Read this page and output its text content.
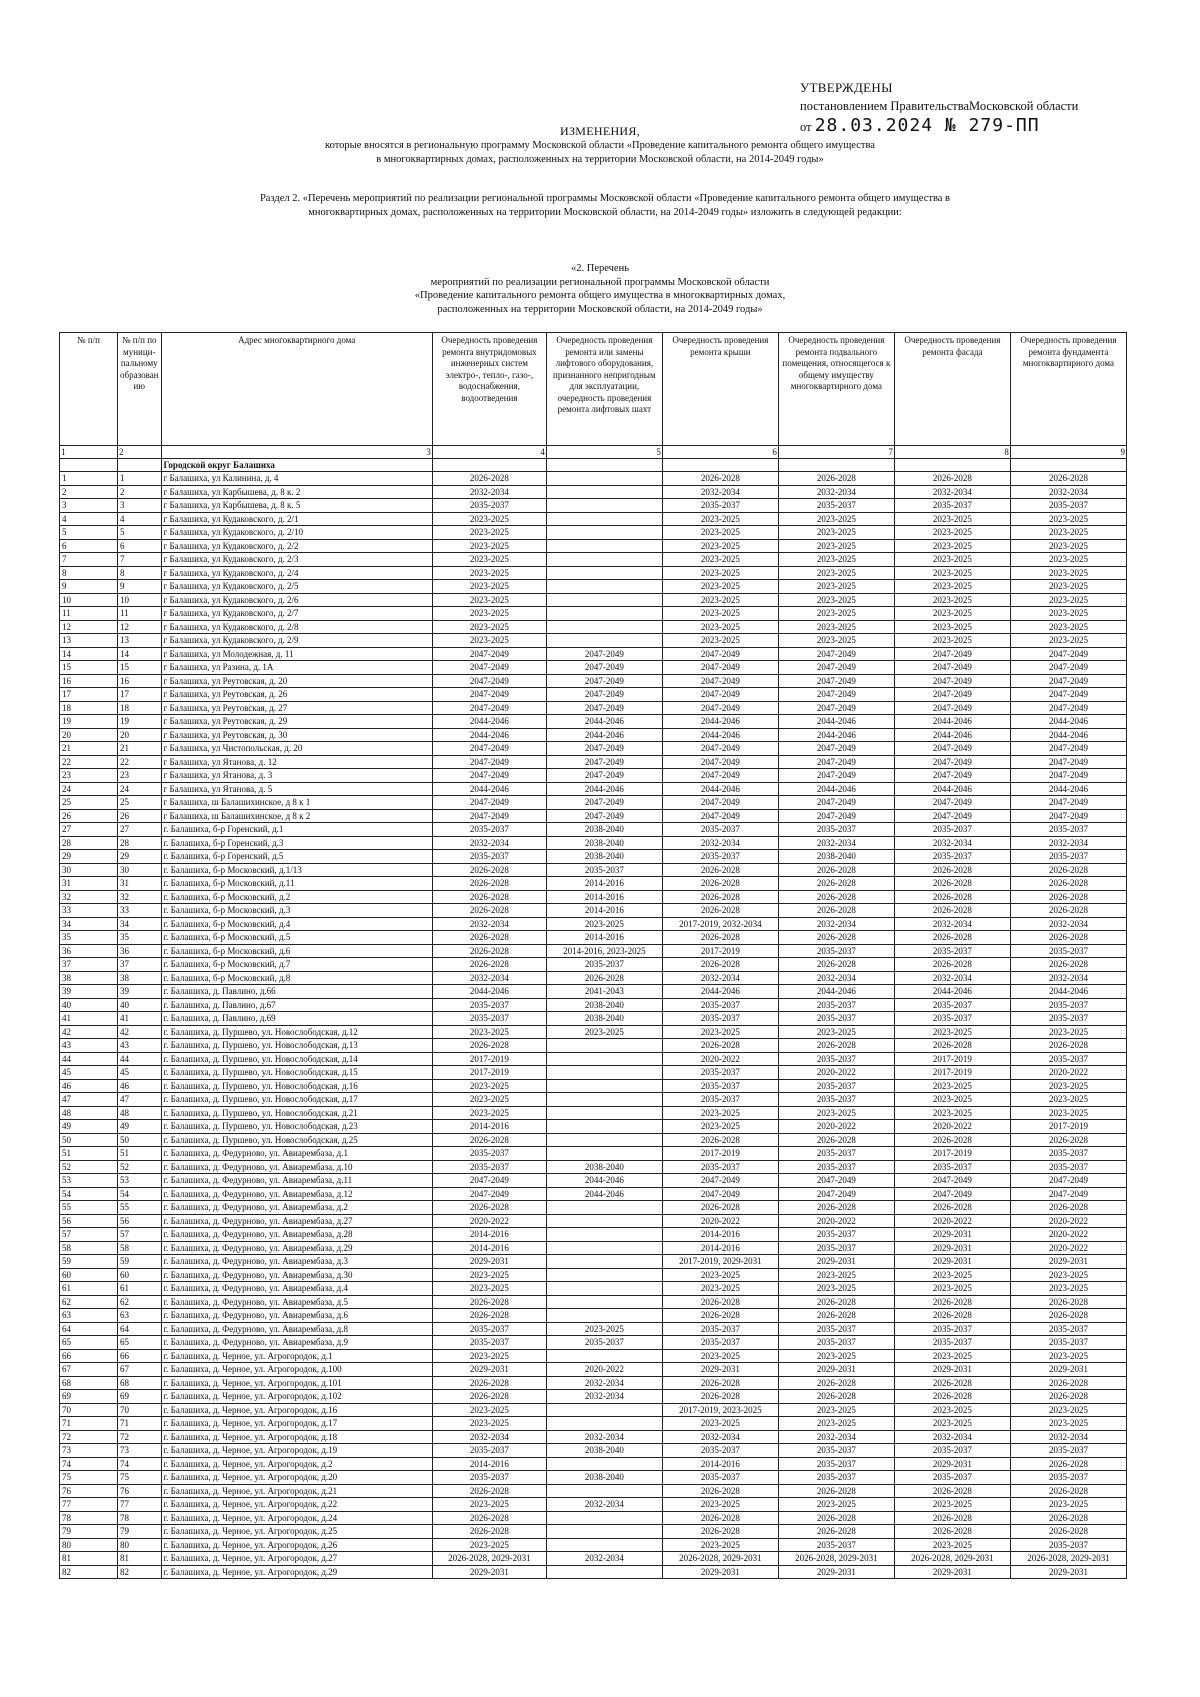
УТВЕРЖДЕНЫ
постановлением ПравительстваМосковской области
от 28.03.2024 № 279-ПП
ИЗМЕНЕНИЯ,
которые вносятся в региональную программу Московской области «Проведение капитального ремонта общего имущества
в многоквартирных домах, расположенных на территории Московской области, на 2014-2049 годы»
Раздел 2. «Перечень мероприятий по реализации региональной программы Московской области «Проведение капитального ремонта общего имущества в
многоквартирных домах, расположенных на территории Московской области, на 2014-2049 годы» изложить в следующей редакции:
«2. Перечень
мероприятий по реализации региональной программы Московской области
«Проведение капитального ремонта общего имущества в многоквартирных домах,
расположенных на территории Московской области, на 2014-2049 годы»
№ п/п	№ п/п по муници-пальному образован ию	Адрес многоквартирного дома	Очередность проведения ремонта внутридомовых инженерных систем электро-, тепло-, газо-, водоснабжения, водоотведения	Очередность проведения ремонта или замены лифтового оборудования, признанного непригодным для эксплуатации, очередность проведения ремонта лифтовых шахт	Очередность проведения ремонта крыши	Очередность проведения ремонта подвального помещения, относящегося к общему имуществу многоквартирного дома	Очередность проведения ремонта фасада	Очередность проведения ремонта фундамента многоквартирного дома
1	2	3	4	5	6	7	8	9
		Городской округ Балашиха						
1	1	г Балашиха, ул Калинина, д. 4	2026-2028		2026-2028	2026-2028	2026-2028	2026-2028
2	2	г Балашиха, ул Карбышева, д. 8 к. 2	2032-2034		2032-2034	2032-2034	2032-2034	2032-2034
3	3	г Балашиха, ул Карбышева, д. 8 к. 5	2035-2037		2035-2037	2035-2037	2035-2037	2035-2037
4	4	г Балашиха, ул Кудаковского, д. 2/1	2023-2025		2023-2025	2023-2025	2023-2025	2023-2025
5	5	г Балашиха, ул Кудаковского, д. 2/10	2023-2025		2023-2025	2023-2025	2023-2025	2023-2025
6	6	г Балашиха, ул Кудаковского, д. 2/2	2023-2025		2023-2025	2023-2025	2023-2025	2023-2025
7	7	г Балашиха, ул Кудаковского, д. 2/3	2023-2025		2023-2025	2023-2025	2023-2025	2023-2025
8	8	г Балашиха, ул Кудаковского, д. 2/4	2023-2025		2023-2025	2023-2025	2023-2025	2023-2025
9	9	г Балашиха, ул Кудаковского, д. 2/5	2023-2025		2023-2025	2023-2025	2023-2025	2023-2025
10	10	г Балашиха, ул Кудаковского, д. 2/6	2023-2025		2023-2025	2023-2025	2023-2025	2023-2025
11	11	г Балашиха, ул Кудаковского, д. 2/7	2023-2025		2023-2025	2023-2025	2023-2025	2023-2025
12	12	г Балашиха, ул Кудаковского, д. 2/8	2023-2025		2023-2025	2023-2025	2023-2025	2023-2025
13	13	г Балашиха, ул Кудаковского, д. 2/9	2023-2025		2023-2025	2023-2025	2023-2025	2023-2025
14	14	г Балашиха, ул Молодежная, д. 11	2047-2049	2047-2049	2047-2049	2047-2049	2047-2049	2047-2049
15	15	г Балашиха, ул Разина, д. 1А	2047-2049	2047-2049	2047-2049	2047-2049	2047-2049	2047-2049
16	16	г Балашиха, ул Реутовская, д. 20	2047-2049	2047-2049	2047-2049	2047-2049	2047-2049	2047-2049
17	17	г Балашиха, ул Реутовская, д. 26	2047-2049	2047-2049	2047-2049	2047-2049	2047-2049	2047-2049
18	18	г Балашиха, ул Реутовская, д. 27	2047-2049	2047-2049	2047-2049	2047-2049	2047-2049	2047-2049
19	19	г Балашиха, ул Реутовская, д. 29	2044-2046	2044-2046	2044-2046	2044-2046	2044-2046	2044-2046
20	20	г Балашиха, ул Реутовская, д. 30	2044-2046	2044-2046	2044-2046	2044-2046	2044-2046	2044-2046
21	21	г Балашиха, ул Чистопольская, д. 20	2047-2049	2047-2049	2047-2049	2047-2049	2047-2049	2047-2049
22	22	г Балашиха, ул Ятанова, д. 12	2047-2049	2047-2049	2047-2049	2047-2049	2047-2049	2047-2049
23	23	г Балашиха, ул Ятанова, д. 3	2047-2049	2047-2049	2047-2049	2047-2049	2047-2049	2047-2049
24	24	г Балашиха, ул Ятанова, д. 5	2044-2046	2044-2046	2044-2046	2044-2046	2044-2046	2044-2046
25	25	г Балашиха, ш Балашихинское, д 8 к 1	2047-2049	2047-2049	2047-2049	2047-2049	2047-2049	2047-2049
26	26	г Балашиха, ш Балашихинское, д 8 к 2	2047-2049	2047-2049	2047-2049	2047-2049	2047-2049	2047-2049
27	27	г. Балашиха, б-р Горенский, д.1	2035-2037	2038-2040	2035-2037	2035-2037	2035-2037	2035-2037
28	28	г. Балашиха, б-р Горенский, д.3	2032-2034	2038-2040	2032-2034	2032-2034	2032-2034	2032-2034
29	29	г. Балашиха, б-р Горенский, д.5	2035-2037	2038-2040	2035-2037	2038-2040	2035-2037	2035-2037
30	30	г. Балашиха, б-р Московский, д.1/13	2026-2028	2035-2037	2026-2028	2026-2028	2026-2028	2026-2028
31	31	г. Балашиха, б-р Московский, д.11	2026-2028	2014-2016	2026-2028	2026-2028	2026-2028	2026-2028
32	32	г. Балашиха, б-р Московский, д.2	2026-2028	2014-2016	2026-2028	2026-2028	2026-2028	2026-2028
33	33	г. Балашиха, б-р Московский, д.3	2026-2028	2014-2016	2026-2028	2026-2028	2026-2028	2026-2028
34	34	г. Балашиха, б-р Московский, д.4	2032-2034	2023-2025	2017-2019, 2032-2034	2032-2034	2032-2034	2032-2034
35	35	г. Балашиха, б-р Московский, д.5	2026-2028	2014-2016	2026-2028	2026-2028	2026-2028	2026-2028
36	36	г. Балашиха, б-р Московский, д.6	2026-2028	2014-2016, 2023-2025	2017-2019	2035-2037	2035-2037	2035-2037
37	37	г. Балашиха, б-р Московский, д.7	2026-2028	2035-2037	2026-2028	2026-2028	2026-2028	2026-2028
38	38	г. Балашиха, б-р Московский, д.8	2032-2034	2026-2028	2032-2034	2032-2034	2032-2034	2032-2034
39	39	г. Балашиха, д. Павлино, д.66	2044-2046	2041-2043	2044-2046	2044-2046	2044-2046	2044-2046
40	40	г. Балашиха, д. Павлино, д.67	2035-2037	2038-2040	2035-2037	2035-2037	2035-2037	2035-2037
41	41	г. Балашиха, д. Павлино, д.69	2035-2037	2038-2040	2035-2037	2035-2037	2035-2037	2035-2037
42	42	г. Балашиха, д. Пуршево, ул. Новослободская, д.12	2023-2025	2023-2025	2023-2025	2023-2025	2023-2025	2023-2025
43	43	г. Балашиха, д. Пуршево, ул. Новослободская, д.13	2026-2028		2026-2028	2026-2028	2026-2028	2026-2028
44	44	г. Балашиха, д. Пуршево, ул. Новослободская, д.14	2017-2019		2020-2022	2035-2037	2017-2019	2035-2037
45	45	г. Балашиха, д. Пуршево, ул. Новослободская, д.15	2017-2019		2035-2037	2020-2022	2017-2019	2020-2022
46	46	г. Балашиха, д. Пуршево, ул. Новослободская, д.16	2023-2025		2035-2037	2035-2037	2023-2025	2023-2025
47	47	г. Балашиха, д. Пуршево, ул. Новослободская, д.17	2023-2025		2035-2037	2035-2037	2023-2025	2023-2025
48	48	г. Балашиха, д. Пуршево, ул. Новослободская, д.21	2023-2025		2023-2025	2023-2025	2023-2025	2023-2025
49	49	г. Балашиха, д. Пуршево, ул. Новослободская, д.23	2014-2016		2023-2025	2020-2022	2020-2022	2017-2019
50	50	г. Балашиха, д. Пуршево, ул. Новослободская, д.25	2026-2028		2026-2028	2026-2028	2026-2028	2026-2028
51	51	г. Балашиха, д. Федурново, ул. Авиарембаза, д.1	2035-2037		2017-2019	2035-2037	2017-2019	2035-2037
52	52	г. Балашиха, д. Федурново, ул. Авиарембаза, д.10	2035-2037	2038-2040	2035-2037	2035-2037	2035-2037	2035-2037
53	53	г. Балашиха, д. Федурново, ул. Авиарембаза, д.11	2047-2049	2044-2046	2047-2049	2047-2049	2047-2049	2047-2049
54	54	г. Балашиха, д. Федурново, ул. Авиарембаза, д.12	2047-2049	2044-2046	2047-2049	2047-2049	2047-2049	2047-2049
55	55	г. Балашиха, д. Федурново, ул. Авиарембаза, д.2	2026-2028		2026-2028	2026-2028	2026-2028	2026-2028
56	56	г. Балашиха, д. Федурново, ул. Авиарембаза, д.27	2020-2022		2020-2022	2020-2022	2020-2022	2020-2022
57	57	г. Балашиха, д. Федурново, ул. Авиарембаза, д.28	2014-2016		2014-2016	2035-2037	2029-2031	2020-2022
58	58	г. Балашиха, д. Федурново, ул. Авиарембаза, д.29	2014-2016		2014-2016	2035-2037	2029-2031	2020-2022
59	59	г. Балашиха, д. Федурново, ул. Авиарембаза, д.3	2029-2031		2017-2019, 2029-2031	2029-2031	2029-2031	2029-2031
60	60	г. Балашиха, д. Федурново, ул. Авиарембаза, д.30	2023-2025		2023-2025	2023-2025	2023-2025	2023-2025
61	61	г. Балашиха, д. Федурново, ул. Авиарембаза, д.4	2023-2025		2023-2025	2023-2025	2023-2025	2023-2025
62	62	г. Балашиха, д. Федурново, ул. Авиарембаза, д.5	2026-2028		2026-2028	2026-2028	2026-2028	2026-2028
63	63	г. Балашиха, д. Федурново, ул. Авиарембаза, д.6	2026-2028		2026-2028	2026-2028	2026-2028	2026-2028
64	64	г. Балашиха, д. Федурново, ул. Авиарембаза, д.8	2035-2037	2023-2025	2035-2037	2035-2037	2035-2037	2035-2037
65	65	г. Балашиха, д. Федурново, ул. Авиарембаза, д.9	2035-2037	2035-2037	2035-2037	2035-2037	2035-2037	2035-2037
66	66	г. Балашиха, д. Черное, ул. Агрогородок, д.1	2023-2025		2023-2025	2023-2025	2023-2025	2023-2025
67	67	г. Балашиха, д. Черное, ул. Агрогородок, д.100	2029-2031	2020-2022	2029-2031	2029-2031	2029-2031	2029-2031
68	68	г. Балашиха, д. Черное, ул. Агрогородок, д.101	2026-2028	2032-2034	2026-2028	2026-2028	2026-2028	2026-2028
69	69	г. Балашиха, д. Черное, ул. Агрогородок, д.102	2026-2028	2032-2034	2026-2028	2026-2028	2026-2028	2026-2028
70	70	г. Балашиха, д. Черное, ул. Агрогородок, д.16	2023-2025		2017-2019, 2023-2025	2023-2025	2023-2025	2023-2025
71	71	г. Балашиха, д. Черное, ул. Агрогородок, д.17	2023-2025		2023-2025	2023-2025	2023-2025	2023-2025
72	72	г. Балашиха, д. Черное, ул. Агрогородок, д.18	2032-2034	2032-2034	2032-2034	2032-2034	2032-2034	2032-2034
73	73	г. Балашиха, д. Черное, ул. Агрогородок, д.19	2035-2037	2038-2040	2035-2037	2035-2037	2035-2037	2035-2037
74	74	г. Балашиха, д. Черное, ул. Агрогородок, д.2	2014-2016		2014-2016	2035-2037	2029-2031	2026-2028
75	75	г. Балашиха, д. Черное, ул. Агрогородок, д.20	2035-2037	2038-2040	2035-2037	2035-2037	2035-2037	2035-2037
76	76	г. Балашиха, д. Черное, ул. Агрогородок, д.21	2026-2028		2026-2028	2026-2028	2026-2028	2026-2028
77	77	г. Балашиха, д. Черное, ул. Агрогородок, д.22	2023-2025	2032-2034	2023-2025	2023-2025	2023-2025	2023-2025
78	78	г. Балашиха, д. Черное, ул. Агрогородок, д.24	2026-2028		2026-2028	2026-2028	2026-2028	2026-2028
79	79	г. Балашиха, д. Черное, ул. Агрогородок, д.25	2026-2028		2026-2028	2026-2028	2026-2028	2026-2028
80	80	г. Балашиха, д. Черное, ул. Агрогородок, д.26	2023-2025		2023-2025	2035-2037	2023-2025	2035-2037
81	81	г. Балашиха, д. Черное, ул. Агрогородок, д.27	2026-2028, 2029-2031	2032-2034	2026-2028, 2029-2031	2026-2028, 2029-2031	2026-2028, 2029-2031	2026-2028, 2029-2031
82	82	г. Балашиха, д. Черное, ул. Агрогородок, д.29	2029-2031		2029-2031	2029-2031	2029-2031	2029-2031
